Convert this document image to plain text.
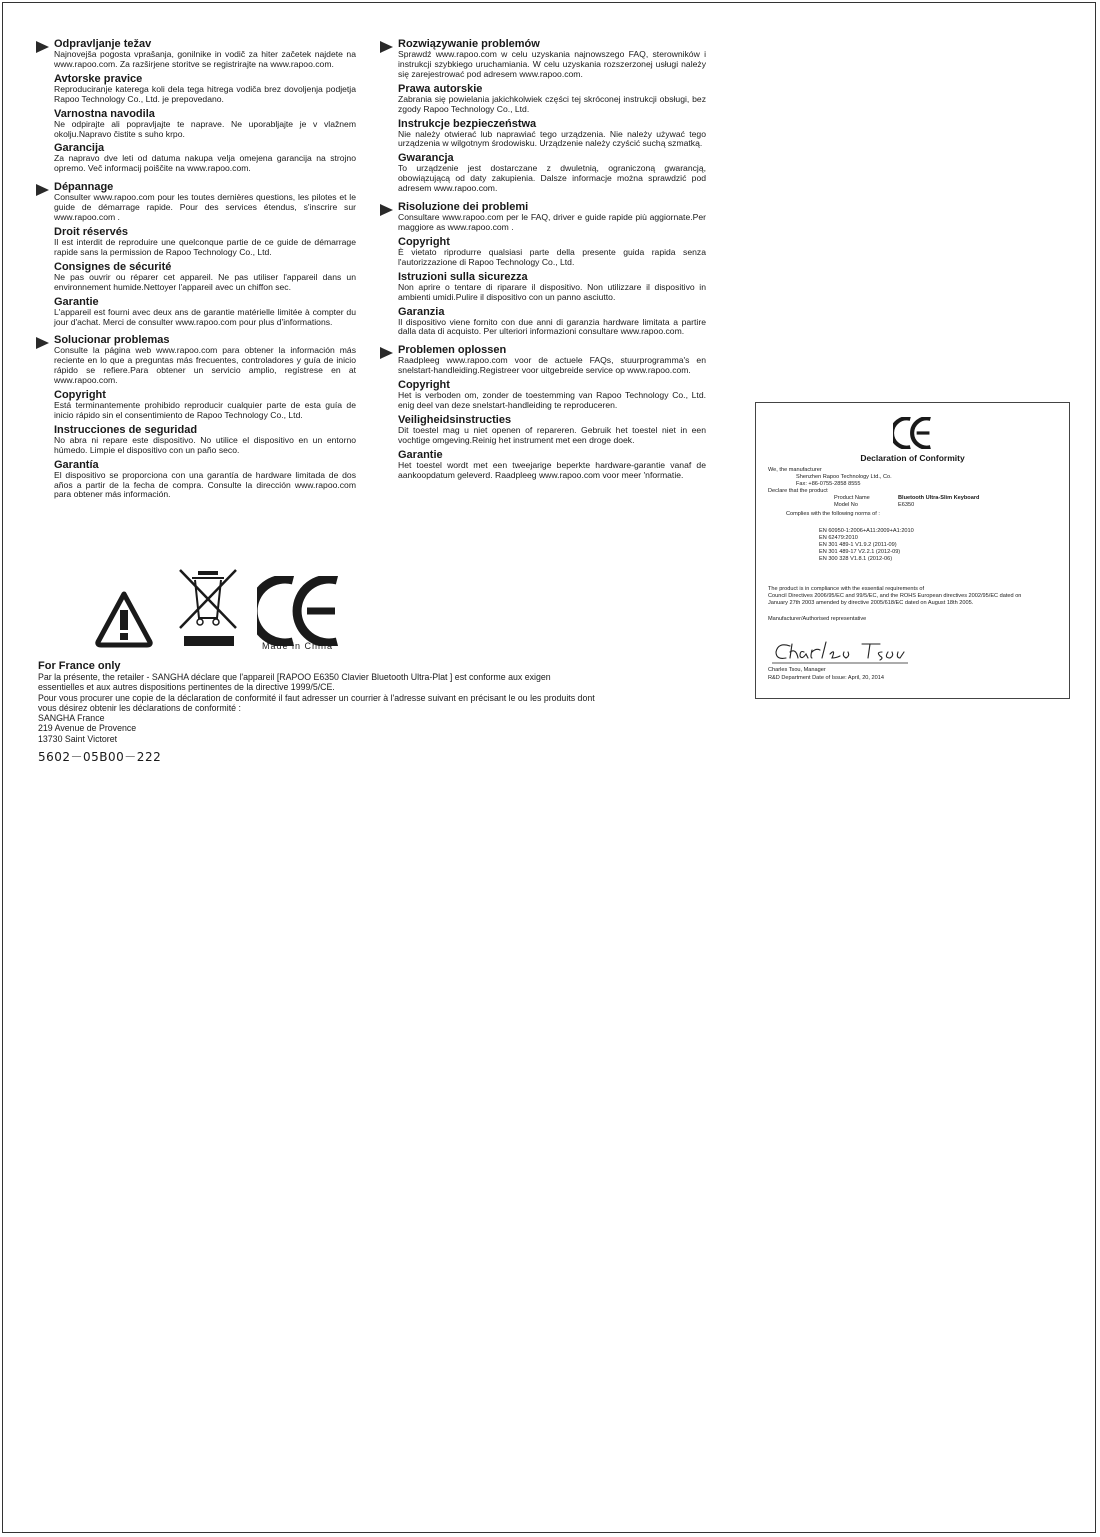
Odpravljanje težav

Najnovejša pogosta vprašanja, gonilnike in vodič za hiter začetek najdete na www.rapoo.com. Za razširjene storitve se registrirajte na www.rapoo.com.

Avtorske pravice

Reproduciranje katerega koli dela tega hitrega vodiča brez dovoljenja podjetja Rapoo Technology Co., Ltd. je prepovedano.

Varnostna navodila

Ne odpirajte ali popravljajte te naprave. Ne uporabljajte je v vlažnem okolju.Napravo čistite s suho krpo.

Garancija

Za napravo dve leti od datuma nakupa velja omejena garancija na strojno opremo. Več informacij poiščite na www.rapoo.com.

Dépannage

Consulter www.rapoo.com pour les toutes dernières questions, les pilotes et le guide de démarrage rapide. Pour des services étendus, s'inscrire sur www.rapoo.com .

Droit réservés

Il est interdit de reproduire une quelconque partie de ce guide de démarrage rapide sans la permission de Rapoo Technology Co., Ltd.

Consignes de sécurité

Ne pas ouvrir ou réparer cet appareil. Ne pas utiliser l'appareil dans un environnement humide.Nettoyer l'appareil avec un chiffon sec.

Garantie

L'appareil est fourni avec deux ans de garantie matérielle limitée à compter du jour d'achat. Merci de consulter www.rapoo.com pour plus d'informations.

Solucionar problemas

Consulte la página web www.rapoo.com para obtener la información más reciente en lo que a preguntas más frecuentes, controladores y guía de inicio rápido se refiere.Para obtener un servicio amplio, regístrese en at www.rapoo.com.

Copyright

Está terminantemente prohibido reproducir cualquier parte de esta guía de inicio rápido sin el consentimiento de Rapoo Technology Co., Ltd.

Instrucciones de seguridad

No abra ni repare este dispositivo. No utilice el dispositivo en un entorno húmedo. Limpie el dispositivo con un paño seco.

Garantía

El dispositivo se proporciona con una garantía de hardware limitada de dos años a partir de la fecha de compra. Consulte la dirección www.rapoo.com para obtener más información.

Rozwiązywanie problemów

Sprawdź www.rapoo.com w celu uzyskania najnowszego FAQ, sterowników i instrukcji szybkiego uruchamiania. W celu uzyskania rozszerzonej usługi należy się zarejestrować pod adresem www.rapoo.com.

Prawa autorskie

Zabrania się powielania jakichkolwiek części tej skróconej instrukcji obsługi, bez zgody Rapoo Technology Co., Ltd.

Instrukcje bezpieczeństwa

Nie należy otwierać lub naprawiać tego urządzenia. Nie należy używać tego urządzenia w wilgotnym środowisku. Urządzenie należy czyścić suchą szmatką.

Gwarancja

To urządzenie jest dostarczane z dwuletnią, ograniczoną gwarancją, obowiązującą od daty zakupienia. Dalsze informacje można sprawdzić pod adresem www.rapoo.com.

Risoluzione dei problemi

Consultare www.rapoo.com per le FAQ, driver e guide rapide più aggiornate.Per maggiore as www.rapoo.com .

Copyright

È vietato riprodurre qualsiasi parte della presente guida rapida senza l'autorizzazione di Rapoo Technology Co., Ltd.

Istruzioni sulla sicurezza

Non aprire o tentare di riparare il dispositivo. Non utilizzare il dispositivo in ambienti umidi.Pulire il dispositivo con un panno asciutto.

Garanzia

Il dispositivo viene fornito con due anni di garanzia hardware limitata a partire dalla data di acquisto. Per ulteriori informazioni consultare www.rapoo.com.

Problemen oplossen

Raadpleeg www.rapoo.com voor de actuele FAQs, stuurprogramma's en snelstart-handleiding.Registreer voor uitgebreide service op www.rapoo.com.

Copyright

Het is verboden om, zonder de toestemming van Rapoo Technology Co., Ltd. enig deel van deze snelstart-handleiding te reproduceren.

Veiligheidsinstructies

Dit toestel mag u niet openen of repareren. Gebruik het toestel niet in een vochtige omgeving.Reinig het instrument met een droge doek.

Garantie

Het toestel wordt met een tweejarige beperkte hardware-garantie vanaf de aankoopdatum geleverd. Raadpleeg www.rapoo.com voor meer 'nformatie.

Made in China

For France only

Par la présente, the retailer - SANGHA déclare que l'appareil [RAPOO E6350 Clavier Bluetooth Ultra-Plat ] est conforme aux exigen

essentielles et aux autres dispositions pertinentes de la directive 1999/5/CE.

Pour vous procurer une copie de la déclaration de conformité il faut adresser un courrier à l'adresse suivant en précisant le ou les produits dont

vous désirez obtenir les déclarations de conformité :

SANGHA France

219 Avenue de Provence

13730 Saint Victoret

5602－05B00－222
Declaration of Conformity
We, the manufacturer
Shenzhen Rapoo Technology Ltd., Co.
Fax: +86-0755-2858 8555
Declare that the product
Product Name	Bluetooth Ultra-Slim Keyboard
Model No	E6350
Complies with the following norms of :
EN 60950-1:2006+A11:2009+A1:2010
EN 62479:2010
EN 301 489-1 V1.9.2 (2011-09)
EN 301 489-17 V2.2.1 (2012-09)
EN 300 328 V1.8.1 (2012-06)
The product is in compliance with the essential requirements of
Council Directives 2006/95/EC and 99/5/EC, and the ROHS European directives 2002/95/EC dated on
January 27th 2003 amended by directive 2005/618/EC dated on August 18th 2005.
Manufacturer/Authorised representative
Charles Tsou, Manager
R&D Department Date of Issue: April, 20, 2014
